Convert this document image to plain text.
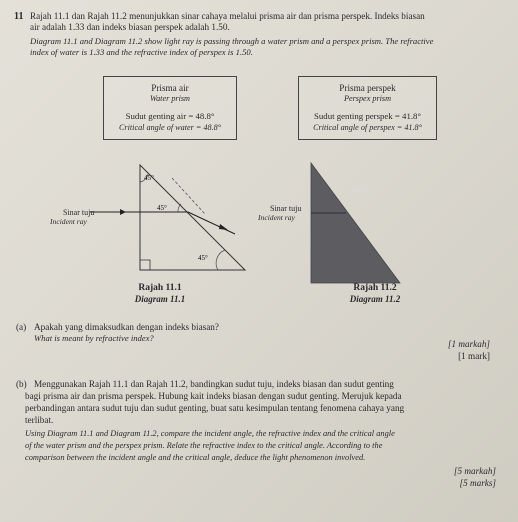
11 Rajah 11.1 dan Rajah 11.2 menunjukkan sinar cahaya melalui prisma air dan prisma perspek. Indeks biasan
air adalah 1.33 dan indeks biasan perspek adalah 1.50.
Diagram 11.1 and Diagram 11.2 show light ray is passing through a water prism and a perspex prism. The refractive
index of water is 1.33 and the refractive index of perspex is 1.50.
Prisma air
Water prism
Sudut genting air = 48.8°
Critical angle of water = 48.8°
Prisma perspek
Perspex prism
Sudut genting perspek = 41.8°
Critical angle of perspex = 41.8°
45°
45°
45°
Sinar tuju
Incident ray
Sinar tuju
Incident ray
Rajah 11.1
Diagram 11.1
Rajah 11.2
Diagram 11.2
(a) Apakah yang dimaksudkan dengan indeks biasan?
What is meant by refractive index?
[1 markah]
[1 mark]
(b) Menggunakan Rajah 11.1 dan Rajah 11.2, bandingkan sudut tuju, indeks biasan dan sudut genting
bagi prisma air dan prisma perspek. Hubung kait indeks biasan dengan sudut genting. Merujuk kepada
perbandingan antara sudut tuju dan sudut genting, buat satu kesimpulan tentang fenomena cahaya yang
terlibat.
Using Diagram 11.1 and Diagram 11.2, compare the incident angle, the refractive index and the critical angle
of the water prism and the perspex prism. Relate the refractive index to the critical angle. According to the
comparison between the incident angle and the critical angle, deduce the light phenomenon involved.
[5 markah]
[5 marks]
